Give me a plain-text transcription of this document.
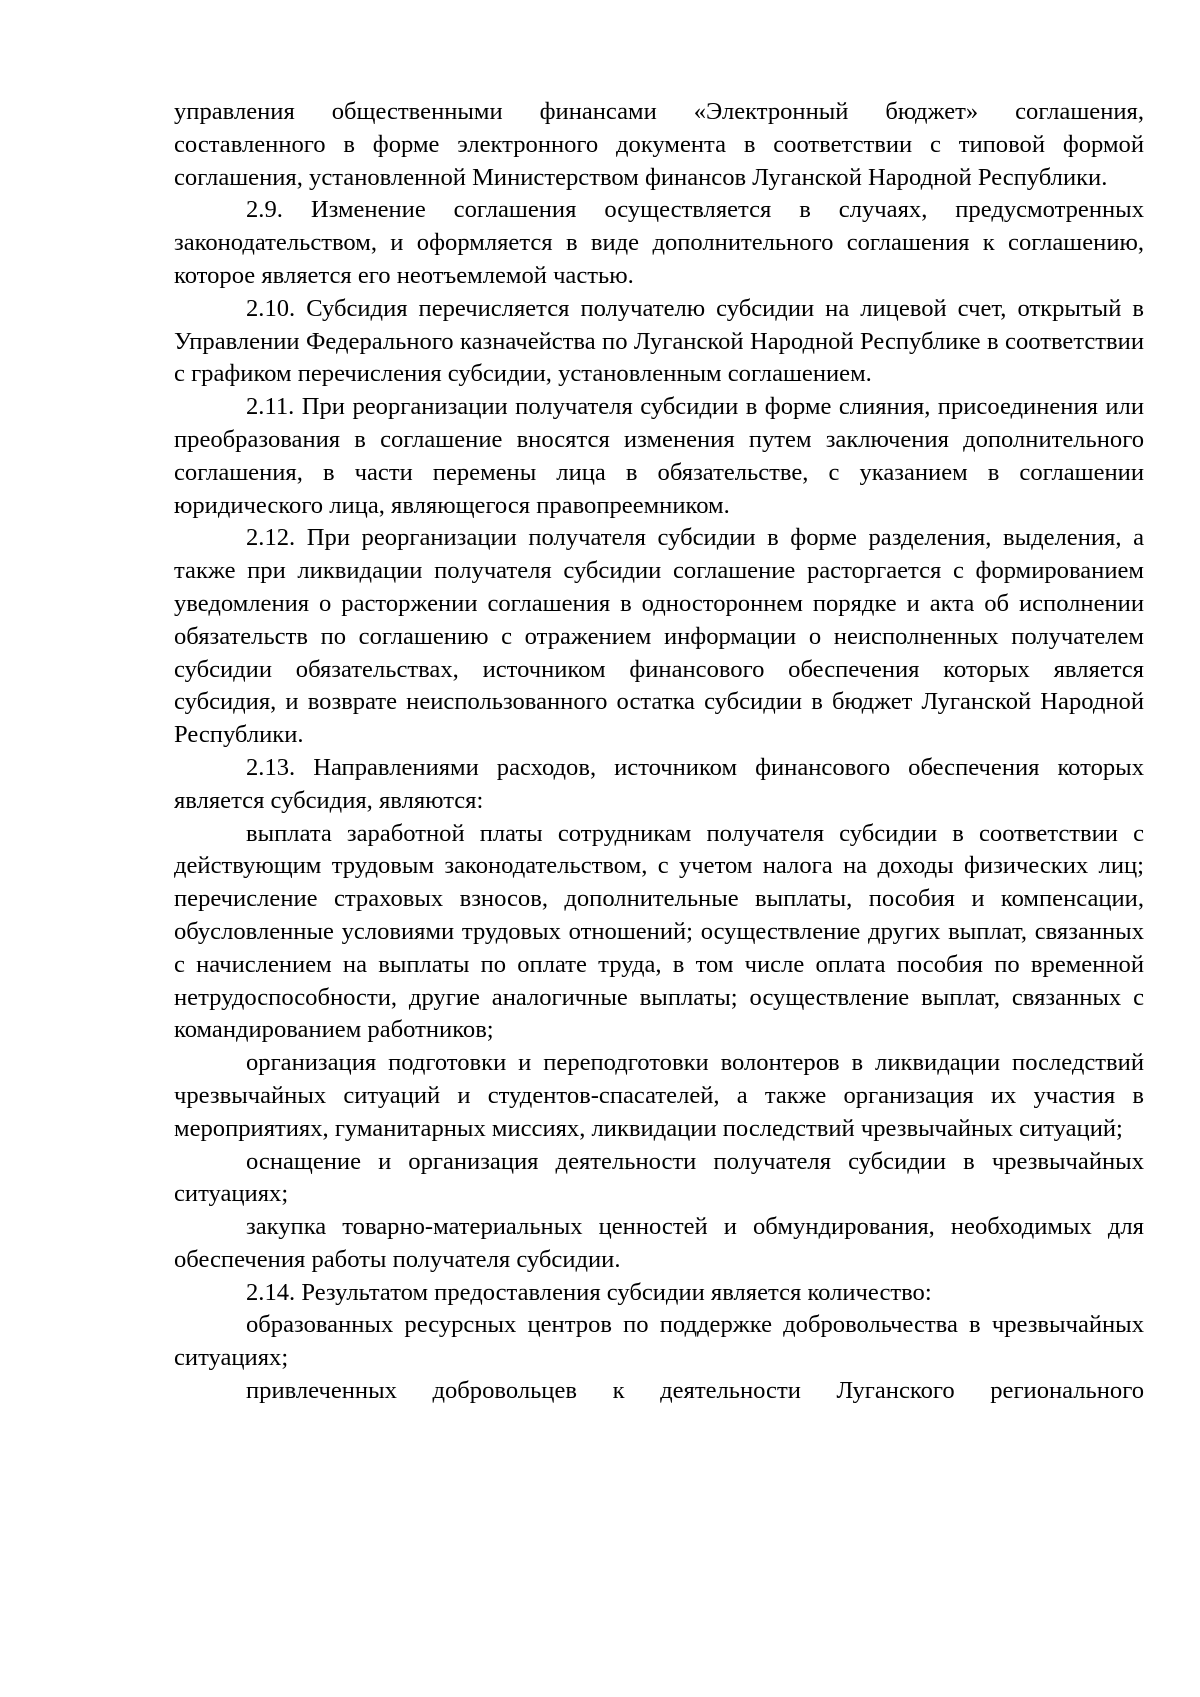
управления общественными финансами «Электронный бюджет» соглашения, составленного в форме электронного документа в соответствии с типовой формой соглашения, установленной Министерством финансов Луганской Народной Республики.

2.9. Изменение соглашения осуществляется в случаях, предусмотренных законодательством, и оформляется в виде дополнительного соглашения к соглашению, которое является его неотъемлемой частью.

2.10. Субсидия перечисляется получателю субсидии на лицевой счет, открытый в Управлении Федерального казначейства по Луганской Народной Республике в соответствии с графиком перечисления субсидии, установленным соглашением.

2.11. При реорганизации получателя субсидии в форме слияния, присоединения или преобразования в соглашение вносятся изменения путем заключения дополнительного соглашения, в части перемены лица в обязательстве, с указанием в соглашении юридического лица, являющегося правопреемником.

2.12. При реорганизации получателя субсидии в форме разделения, выделения, а также при ликвидации получателя субсидии соглашение расторгается с формированием уведомления о расторжении соглашения в одностороннем порядке и акта об исполнении обязательств по соглашению с отражением информации о неисполненных получателем субсидии обязательствах, источником финансового обеспечения которых является субсидия, и возврате неиспользованного остатка субсидии в бюджет Луганской Народной Республики.

2.13. Направлениями расходов, источником финансового обеспечения которых является субсидия, являются:

выплата заработной платы сотрудникам получателя субсидии в соответствии с действующим трудовым законодательством, с учетом налога на доходы физических лиц; перечисление страховых взносов, дополнительные выплаты, пособия и компенсации, обусловленные условиями трудовых отношений; осуществление других выплат, связанных с начислением на выплаты по оплате труда, в том числе оплата пособия по временной нетрудоспособности, другие аналогичные выплаты; осуществление выплат, связанных с командированием работников;

организация подготовки и переподготовки волонтеров в ликвидации последствий чрезвычайных ситуаций и студентов-спасателей, а также организация их участия в мероприятиях, гуманитарных миссиях, ликвидации последствий чрезвычайных ситуаций;

оснащение и организация деятельности получателя субсидии в чрезвычайных ситуациях;

закупка товарно-материальных ценностей и обмундирования, необходимых для обеспечения работы получателя субсидии.

2.14. Результатом предоставления субсидии является количество:

образованных ресурсных центров по поддержке добровольчества в чрезвычайных ситуациях;

привлеченных добровольцев к деятельности Луганского регионального
